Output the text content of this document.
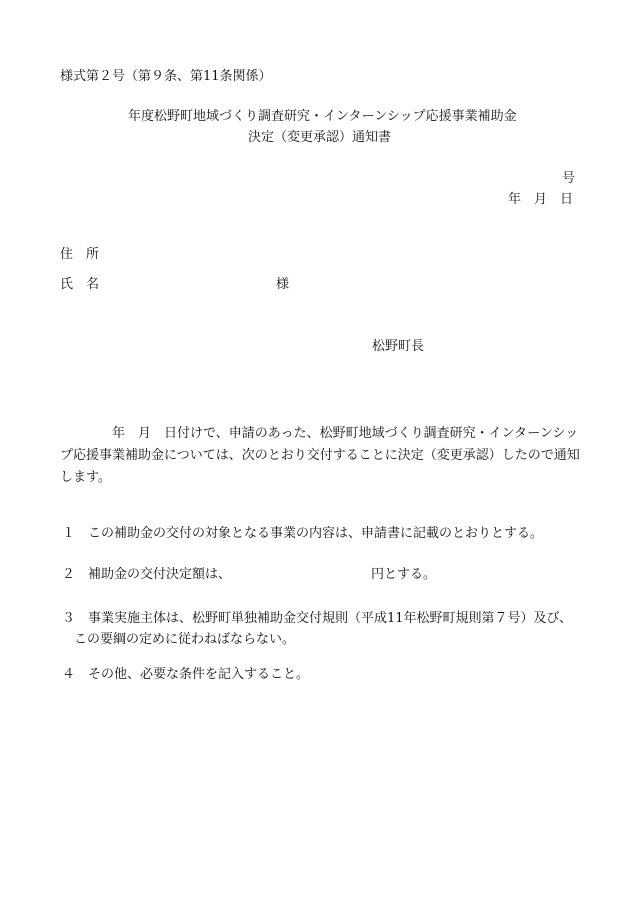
様式第２号（第９条、第11条関係）
年度松野町地域づくり調査研究・インターンシップ応援事業補助金
決定（変更承認）通知書
号
年　月　日
住　所
氏　名	様
松野町長
年　月　日付けで、申請のあった、松野町地域づくり調査研究・インターンシップ応援事業補助金については、次のとおり交付することに決定（変更承認）したので通知します。
１ この補助金の交付の対象となる事業の内容は、申請書に記載のとおりとする。
２ 補助金の交付決定額は、	円とする。
３ 事業実施主体は、松野町単独補助金交付規則（平成11年松野町規則第７号）及び、
この要綱の定めに従わねばならない。
４ その他、必要な条件を記入すること。
